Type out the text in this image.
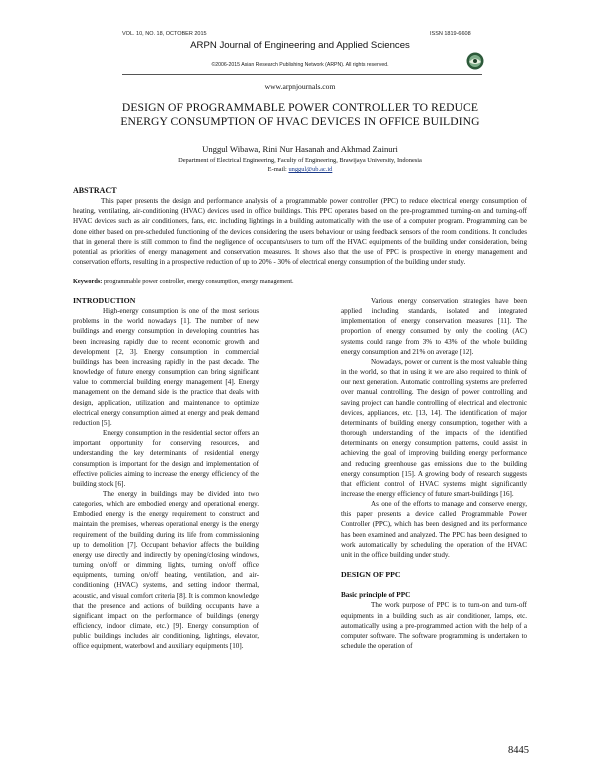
VOL. 10, NO. 18, OCTOBER 2015	ISSN 1819-6608
ARPN Journal of Engineering and Applied Sciences
©2006-2015 Asian Research Publishing Network (ARPN). All rights reserved.
www.arpnjournals.com
DESIGN OF PROGRAMMABLE POWER CONTROLLER TO REDUCE
ENERGY CONSUMPTION OF HVAC DEVICES IN OFFICE BUILDING
Unggul Wibawa, Rini Nur Hasanah and Akhmad Zainuri
Department of Electrical Engineering, Faculty of Engineering, Brawijaya University, Indonesia
E-mail: unggul@ub.ac.id
ABSTRACT
This paper presents the design and performance analysis of a programmable power controller (PPC) to reduce electrical energy consumption of heating, ventilating, air-conditioning (HVAC) devices used in office buildings. This PPC operates based on the pre-programmed turning-on and turning-off HVAC devices such as air conditioners, fans, etc. including lightings in a building automatically with the use of a computer program. Programming can be done either based on pre-scheduled functioning of the devices considering the users behaviour or using feedback sensors of the room conditions. It concludes that in general there is still common to find the negligence of occupants/users to turn off the HVAC equipments of the building under consideration, being potential as priorities of energy management and conservation measures. It shows also that the use of PPC is prospective in energy management and conservation efforts, resulting in a prospective reduction of up to 20% - 30% of electrical energy consumption of the building under study.
Keywords: programmable power controller, energy consumption, energy management.
INTRODUCTION

High-energy consumption is one of the most serious problems in the world nowadays [1]. The number of new buildings and energy consumption in developing countries has been increasing rapidly due to recent economic growth and development [2, 3]. Energy consumption in commercial buildings has been increasing rapidly in the past decade. The knowledge of future energy consumption can bring significant value to commercial building energy management [4]. Energy management on the demand side is the practice that deals with design, application, utilization and maintenance to optimize electrical energy consumption aimed at energy and peak demand reduction [5].

Energy consumption in the residential sector offers an important opportunity for conserving resources, and understanding the key determinants of residential energy consumption is important for the design and implementation of effective policies aiming to increase the energy efficiency of the building stock [6].

The energy in buildings may be divided into two categories, which are embodied energy and operational energy. Embodied energy is the energy requirement to construct and maintain the premises, whereas operational energy is the energy requirement of the building during its life from commissioning up to demolition [7]. Occupant behavior affects the building energy use directly and indirectly by opening/closing windows, turning on/off or dimming lights, turning on/off office equipments, turning on/off heating, ventilation, and air-conditioning (HVAC) systems, and setting indoor thermal, acoustic, and visual comfort criteria [8]. It is common knowledge that the presence and actions of building occupants have a significant impact on the performance of buildings (energy efficiency, indoor climate, etc.) [9]. Energy consumption of public buildings includes air conditioning, lightings, elevator, office equipment, waterbowl and auxiliary equipments [10].

Various energy conservation strategies have been applied including standards, isolated and integrated implementation of energy conservation measures [11]. The proportion of energy consumed by only the cooling (AC) systems could range from 3% to 43% of the whole building energy consumption and 21% on average [12].

Nowadays, power or current is the most valuable thing in the world, so that in using it we are also required to think of our next generation. Automatic controlling systems are preferred over manual controlling. The design of power controlling and saving project can handle controlling of electrical and electronic devices, appliances, etc. [13, 14]. The identification of major determinants of building energy consumption, together with a thorough understanding of the impacts of the identified determinants on energy consumption patterns, could assist in achieving the goal of improving building energy performance and reducing greenhouse gas emissions due to the building energy consumption [15]. A growing body of research suggests that efficient control of HVAC systems might significantly increase the energy efficiency of future smart-buildings [16].

As one of the efforts to manage and conserve energy, this paper presents a device called Programmable Power Controller (PPC), which has been designed and its performance has been examined and analyzed. The PPC has been designed to work automatically by scheduling the operation of the HVAC unit in the office building under study.

DESIGN OF PPC
Basic principle of PPC

The work purpose of PPC is to turn-on and turn-off equipments in a building such as air conditioner, lamps, etc. automatically using a pre-programmed action with the help of a computer software. The software programming is undertaken to schedule the operation of

8445
